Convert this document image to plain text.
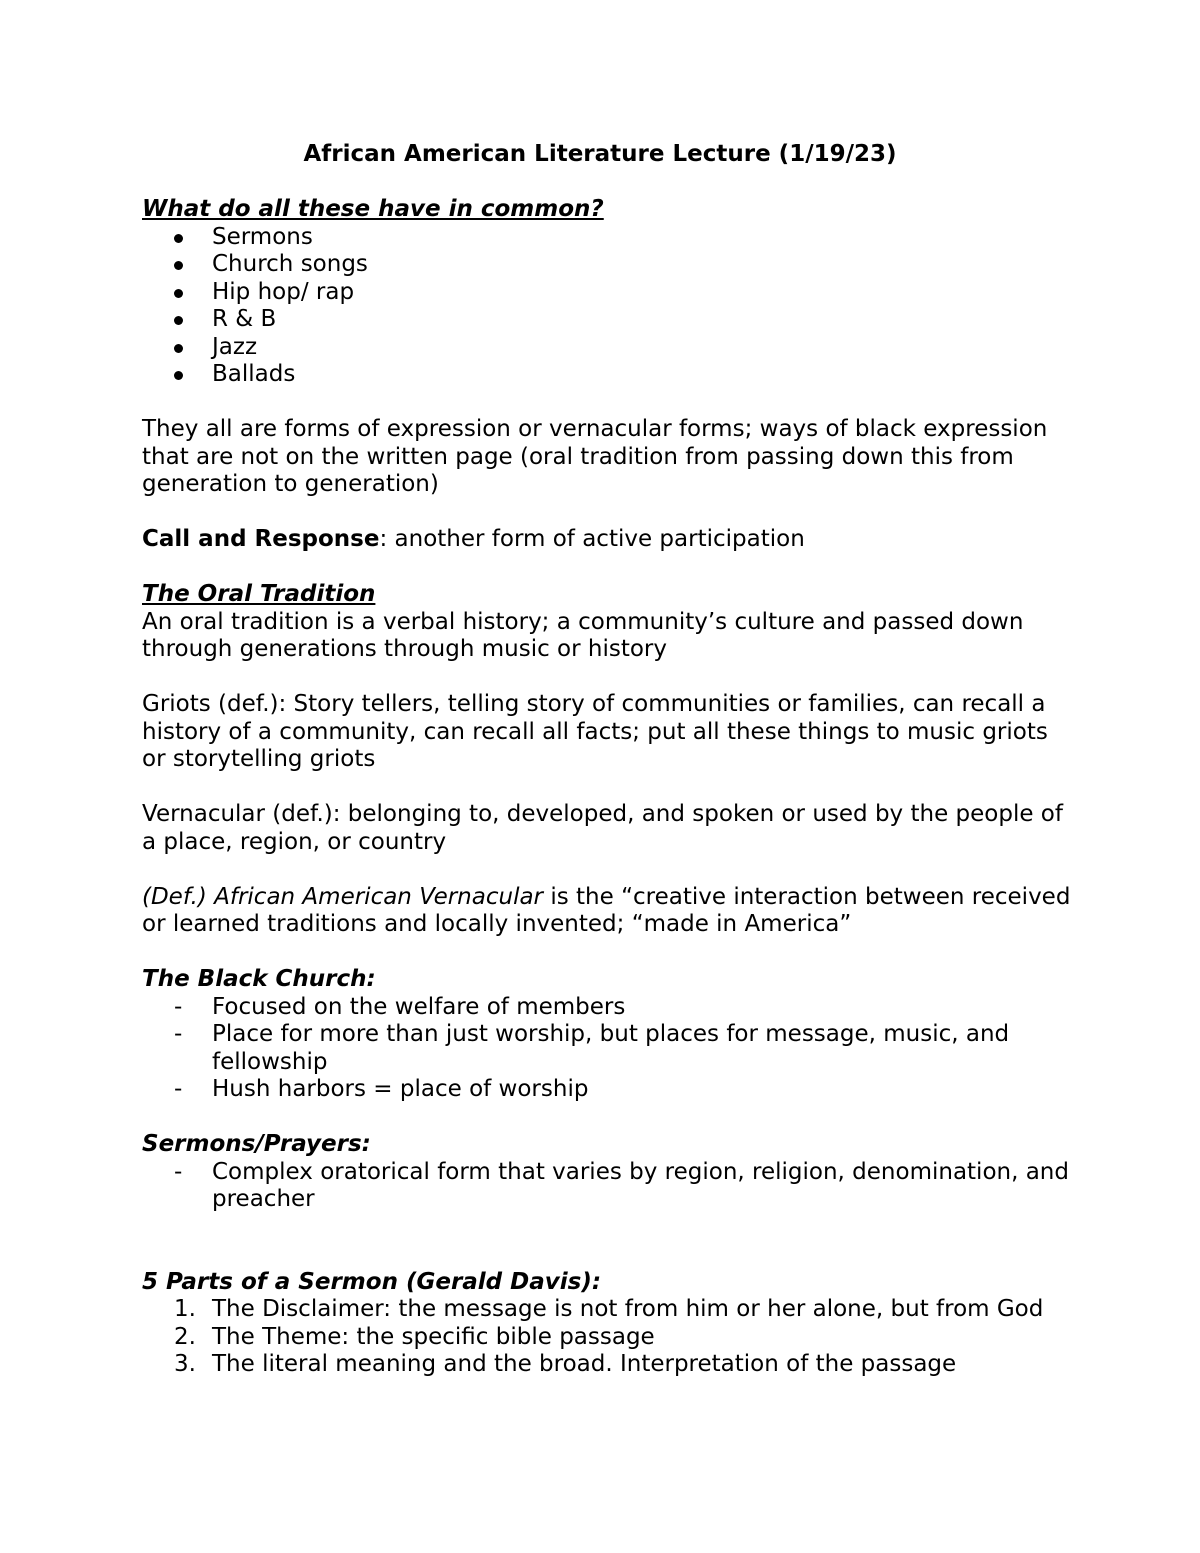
African American Literature Lecture (1/19/23)

What do all these have in common?

Sermons
Church songs
Hip hop/ rap
R & B
Jazz
Ballads

They all are forms of expression or vernacular forms; ways of black expression that are not on the written page (oral tradition from passing down this from generation to generation)

Call and Response: another form of active participation

The Oral Tradition

An oral tradition is a verbal history; a community’s culture and passed down through generations through music or history

Griots (def.): Story tellers, telling story of communities or families, can recall a history of a community, can recall all facts; put all these things to music griots or storytelling griots

Vernacular (def.): belonging to, developed, and spoken or used by the people of a place, region, or country

(Def.) African American Vernacular is the “creative interaction between received or learned traditions and locally invented; “made in America”

The Black Church:

- Focused on the welfare of members
- Place for more than just worship, but places for message, music, and fellowship
- Hush harbors = place of worship

Sermons/Prayers:

- Complex oratorical form that varies by region, religion, denomination, and preacher

5 Parts of a Sermon (Gerald Davis):

1. The Disclaimer: the message is not from him or her alone, but from God
2. The Theme: the specific bible passage
3. The literal meaning and the broad. Interpretation of the passage
